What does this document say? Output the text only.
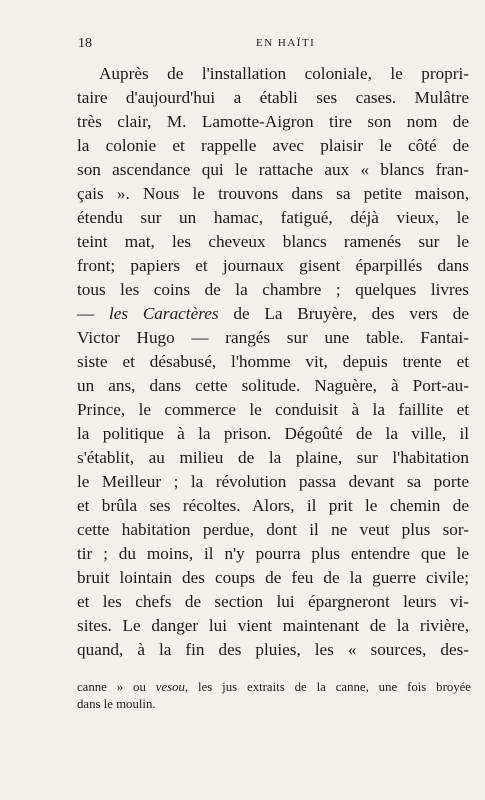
18	EN HAÏTI
Auprès de l'installation coloniale, le propri-
taire d'aujourd'hui a établi ses cases. Mulâtre
très clair, M. Lamotte-Aigron tire son nom de
la colonie et rappelle avec plaisir le côté de
son ascendance qui le rattache aux « blancs fran-
çais ». Nous le trouvons dans sa petite maison,
étendu sur un hamac, fatigué, déjà vieux, le
teint mat, les cheveux blancs ramenés sur le
front; papiers et journaux gisent éparpillés dans
tous les coins de la chambre ; quelques livres
— les Caractères de La Bruyère, des vers de
Victor Hugo — rangés sur une table. Fantai-
siste et désabusé, l'homme vit, depuis trente et
un ans, dans cette solitude. Naguère, à Port-au-
Prince, le commerce le conduisit à la faillite et
la politique à la prison. Dégoûté de la ville, il
s'établit, au milieu de la plaine, sur l'habitation
le Meilleur ; la révolution passa devant sa porte
et brûla ses récoltes. Alors, il prit le chemin de
cette habitation perdue, dont il ne veut plus sor-
tir ; du moins, il n'y pourra plus entendre que le
bruit lointain des coups de feu de la guerre civile;
et les chefs de section lui épargneront leurs vi-
sites. Le danger lui vient maintenant de la rivière,
quand, à la fin des pluies, les « sources, des-
canne » ou vesou, les jus extraits de la canne, une fois broyée
dans le moulin.
